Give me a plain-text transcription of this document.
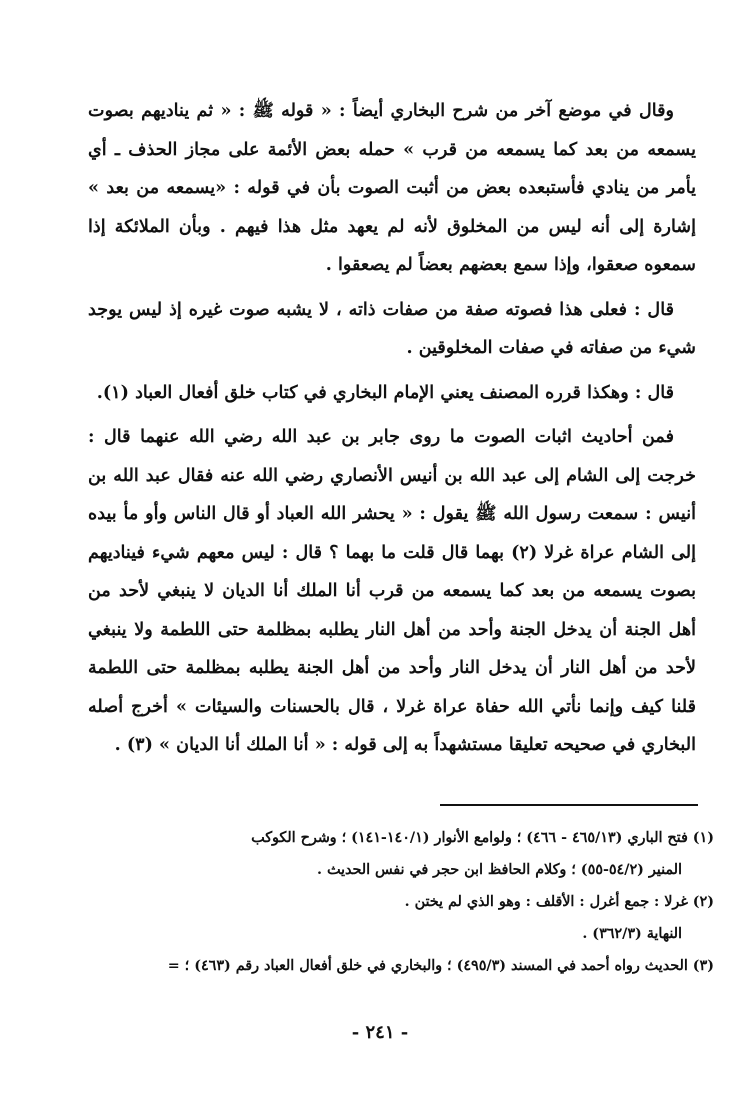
وقال في موضع آخر من شرح البخاري أيضاً : « قوله ﷺ : « ثم يناديهم بصوت يسمعه من بعد كما يسمعه من قرب » حمله بعض الأئمة على مجاز الحذف ـ أي يأمر من ينادي فأستبعده بعض من أثبت الصوت بأن في قوله : «يسمعه من بعد » إشارة إلى أنه ليس من المخلوق لأنه لم يعهد مثل هذا فيهم . وبأن الملائكة إذا سمعوه صعقوا، وإذا سمع بعضهم بعضاً لم يصعقوا .

قال : فعلى هذا فصوته صفة من صفات ذاته ، لا يشبه صوت غيره إذ ليس يوجد شيء من صفاته في صفات المخلوقين .

قال : وهكذا قرره المصنف يعني الإمام البخاري في كتاب خلق أفعال العباد (١).

فمن أحاديث اثبات الصوت ما روى جابر بن عبد الله رضي الله عنهما قال : خرجت إلى الشام إلى عبد الله بن أنيس الأنصاري رضي الله عنه فقال عبد الله بن أنيس : سمعت رسول الله ﷺ يقول : « يحشر الله العباد أو قال الناس وأو مأ بيده إلى الشام عراة غرلا (٢) بهما قال قلت ما بهما ؟ قال : ليس معهم شيء فيناديهم بصوت يسمعه من بعد كما يسمعه من قرب أنا الملك أنا الديان لا ينبغي لأحد من أهل الجنة أن يدخل الجنة وأحد من أهل النار يطلبه بمظلمة حتى اللطمة ولا ينبغي لأحد من أهل النار أن يدخل النار وأحد من أهل الجنة يطلبه بمظلمة حتى اللطمة قلنا كيف وإنما نأتي الله حفاة عراة غرلا ، قال بالحسنات والسيئات » أخرج أصله البخاري في صحيحه تعليقا مستشهداً به إلى قوله : « أنا الملك أنا الديان » (٣) .

(١) فتح الباري (٤٦٥/١٣ - ٤٦٦) ؛ ولوامع الأنوار (١٤٠/١-١٤١) ؛ وشرح الكوكب

المنير (٥٤/٢-٥٥) ؛ وكلام الحافظ ابن حجر في نفس الحديث .

(٢) غرلا : جمع أغرل : الأقلف : وهو الذي لم يختن .

النهاية (٣٦٢/٣) .

(٣) الحديث رواه أحمد في المسند (٤٩٥/٣) ؛ والبخاري في خلق أفعال العباد رقم (٤٦٣) ؛ =

- ٢٤١ -
